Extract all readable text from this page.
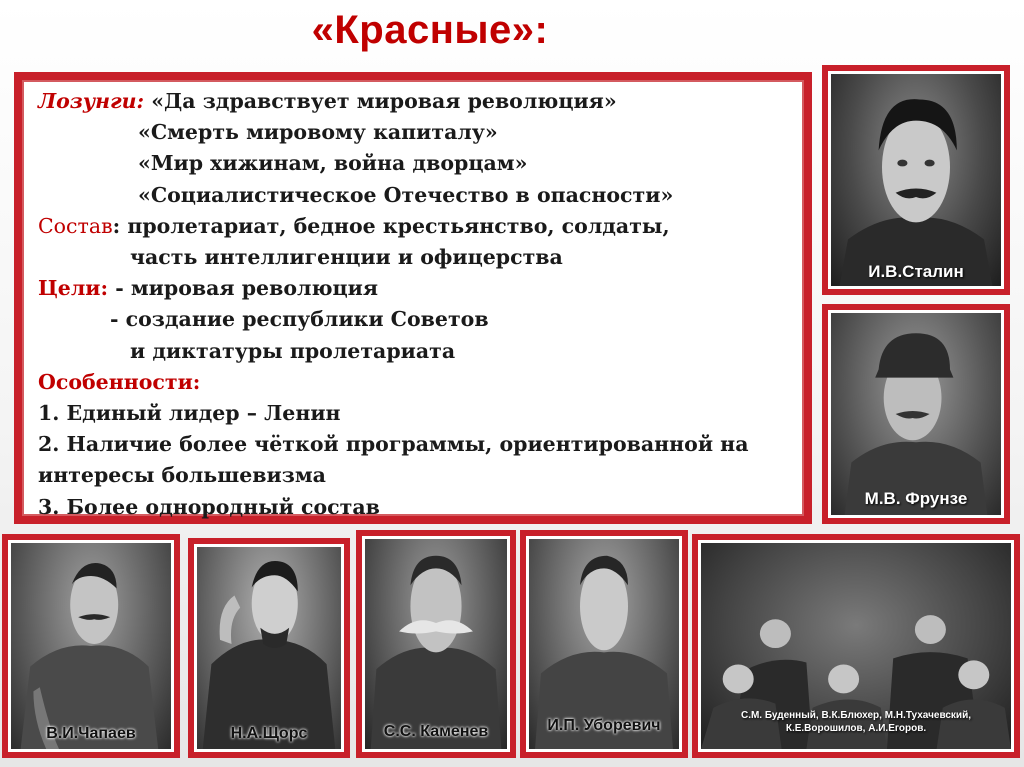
«Красные»:
Лозунги: «Да здравствует мировая революция»
«Смерть мировому капиталу»
«Мир хижинам, война дворцам»
«Социалистическое Отечество в опасности»
Состав: пролетариат, бедное крестьянство, солдаты,
часть интеллигенции и офицерства
Цели: - мировая революция
- создание республики Советов
и диктатуры пролетариата
Особенности:
1. Единый лидер – Ленин
2. Наличие более чёткой программы, ориентированной на
интересы большевизма
3. Более однородный состав
И.В.Сталин
М.В. Фрунзе
В.И.Чапаев	Н.А.Щорс	С.С. Каменев	И.П. Уборевич
С.М. Буденный, В.К.Блюхер, М.Н.Тухачевский,
К.Е.Ворошилов, А.И.Егоров.
